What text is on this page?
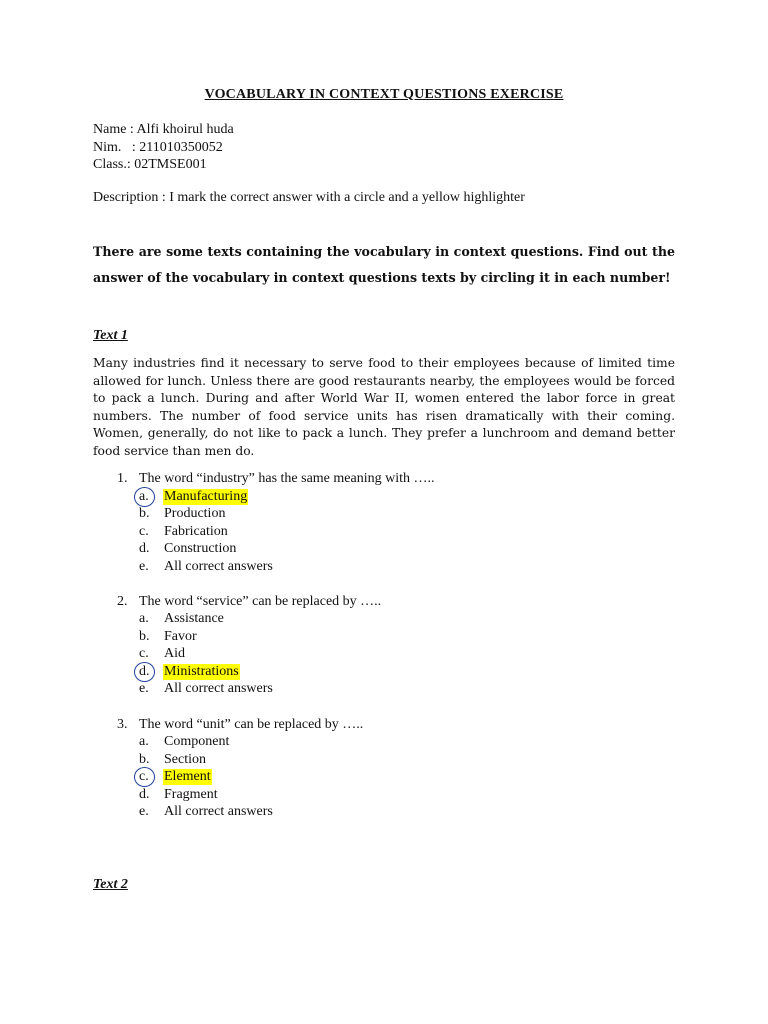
VOCABULARY IN CONTEXT QUESTIONS EXERCISE
Name : Alfi khoirul huda
Nim.   : 211010350052
Class.: 02TMSE001
Description : I mark the correct answer with a circle and a yellow highlighter
There are some texts containing the vocabulary in context questions. Find out the answer of the vocabulary in context questions texts by circling it in each number!
Text 1
Many industries find it necessary to serve food to their employees because of limited time allowed for lunch. Unless there are good restaurants nearby, the employees would be forced to pack a lunch. During and after World War II, women entered the labor force in great numbers. The number of food service units has risen dramatically with their coming. Women, generally, do not like to pack a lunch. They prefer a lunchroom and demand better food service than men do.
1. The word “industry” has the same meaning with …..
a. Manufacturing
b. Production
c. Fabrication
d. Construction
e. All correct answers
2. The word “service” can be replaced by …..
a. Assistance
b. Favor
c. Aid
d. Ministrations
e. All correct answers
3. The word “unit” can be replaced by …..
a. Component
b. Section
c. Element
d. Fragment
e. All correct answers
Text 2
